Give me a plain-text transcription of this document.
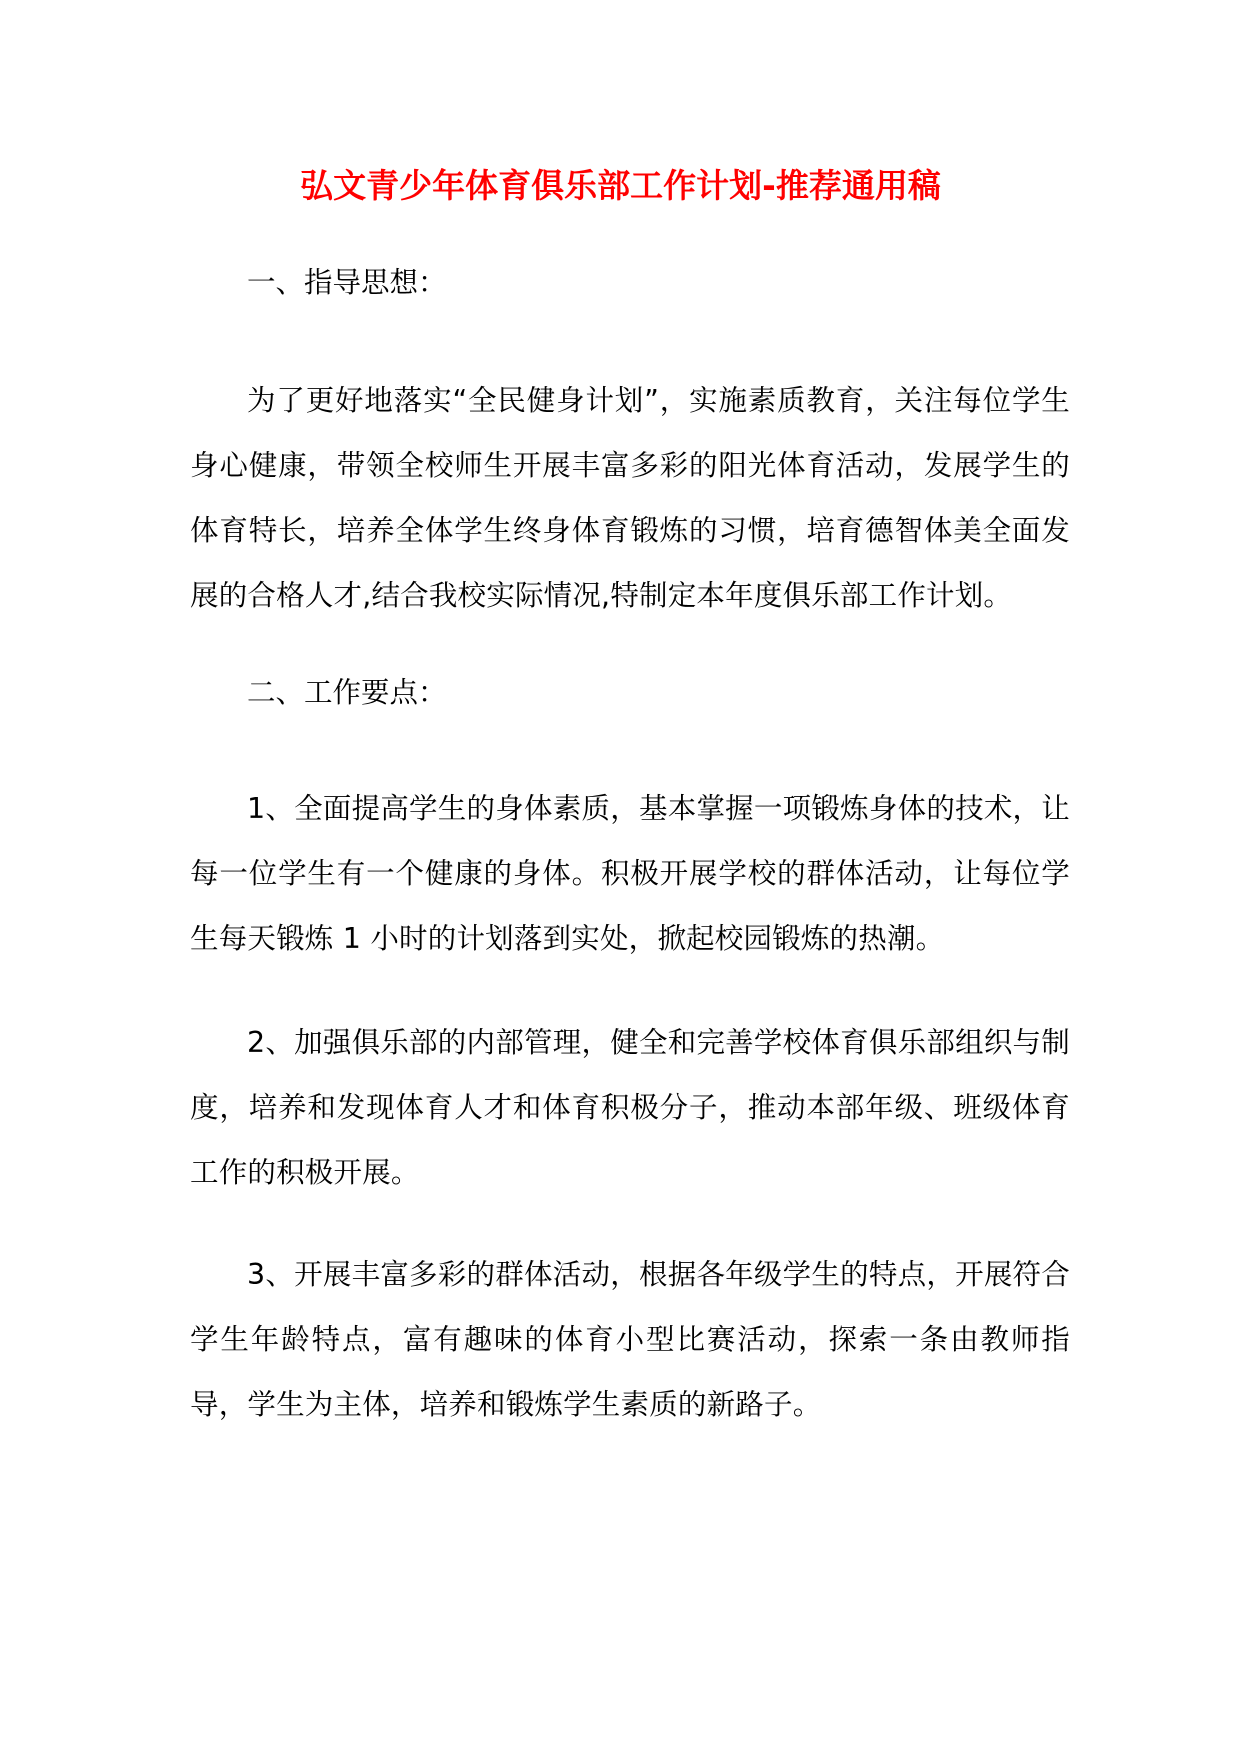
弘文青少年体育俱乐部工作计划-推荐通用稿

一、指导思想：

为了更好地落实“全民健身计划”，实施素质教育，关注每位学生身心健康，带领全校师生开展丰富多彩的阳光体育活动，发展学生的体育特长，培养全体学生终身体育锻炼的习惯，培育德智体美全面发展的合格人才,结合我校实际情况,特制定本年度俱乐部工作计划。

二、工作要点：

1、全面提高学生的身体素质，基本掌握一项锻炼身体的技术，让每一位学生有一个健康的身体。积极开展学校的群体活动，让每位学生每天锻炼 1 小时的计划落到实处，掀起校园锻炼的热潮。

2、加强俱乐部的内部管理，健全和完善学校体育俱乐部组织与制度，培养和发现体育人才和体育积极分子，推动本部年级、班级体育工作的积极开展。

3、开展丰富多彩的群体活动，根据各年级学生的特点，开展符合学生年龄特点，富有趣味的体育小型比赛活动，探索一条由教师指导，学生为主体，培养和锻炼学生素质的新路子。
